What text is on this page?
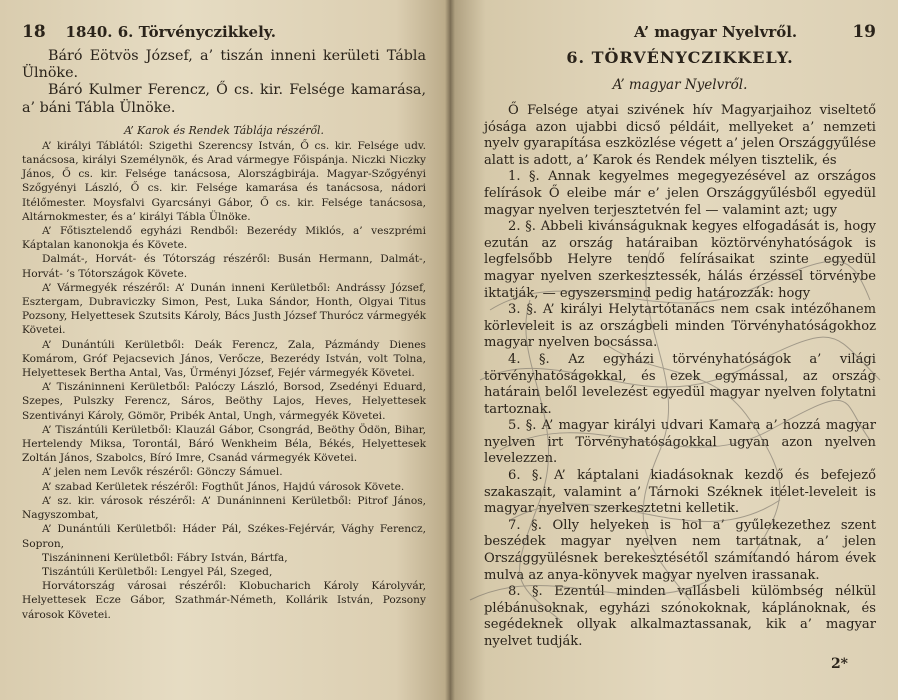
18 1840. 6. Törvényczikkely.

Báró Eötvös József, a’ tiszán inneni kerületi Tábla Ülnöke.

Báró Kulmer Ferencz, Ő cs. kir. Felsége kamarása, a’ báni Tábla Ülnöke.

A’ Karok és Rendek Táblája részéről.

A’ királyi Táblától: Szigethi Szerencsy István, Ő cs. kir. Felsége udv. tanácsosa, királyi Személynök, és Arad vármegye Főispánja. Niczki Niczky János, Ő cs. kir. Felsége tanácsosa, Alországbirája. Magyar-Szőgyényi Szőgyényi László, Ő cs. kir. Felsége kamarása és tanácsosa, nádori Itélőmester. Moysfalvi Gyarcsányi Gábor, Ő cs. kir. Felsége tanácsosa, Altárnokmester, és a’ királyi Tábla Ülnöke.

A’ Főtisztelendő egyházi Rendből: Bezerédy Miklós, a’ veszprémi Káptalan kanonokja és Követe.

Dalmát-, Horvát- és Tótország részéről: Busán Hermann, Dalmát-, Horvát- ’s Tótországok Követe.

A’ Vármegyék részéről: A’ Dunán inneni Kerületből: Andrássy József, Esztergam, Dubraviczky Simon, Pest, Luka Sándor, Honth, Olgyai Titus Pozsony, Helyettesek Szutsits Károly, Bács Justh József Thurócz vármegyék Követei.

A’ Dunántúli Kerületből: Deák Ferencz, Zala, Pázmándy Dienes Komárom, Gróf Pejacsevich János, Verőcze, Bezerédy István, volt Tolna, Helyettesek Bertha Antal, Vas, Ürményi József, Fejér vármegyék Követei.

A’ Tiszáninneni Kerületből: Palóczy László, Borsod, Zsedényi Eduard, Szepes, Pulszky Ferencz, Sáros, Beöthy Lajos, Heves, Helyettesek Szentiványi Károly, Gömör, Pribék Antal, Ungh, vármegyék Követei.

A’ Tiszántúli Kerületből: Klauzál Gábor, Csongrád, Beöthy Ödön, Bihar, Hertelendy Miksa, Torontál, Báró Wenkheim Béla, Békés, Helyettesek Zoltán János, Szabolcs, Bíró Imre, Csanád vármegyék Követei.

A’ jelen nem Levők részéről: Gönczy Sámuel.

A’ szabad Kerületek részéről: Fogthűt János, Hajdú városok Követe.

A’ sz. kir. városok részéről: A’ Dunáninneni Kerületből: Pitrof János, Nagyszombat,

A’ Dunántúli Kerületből: Háder Pál, Székes-Fejérvár, Vághy Ferencz, Sopron,

Tiszáninneni Kerületből: Fábry István, Bártfa,

Tiszántúli Kerületből: Lengyel Pál, Szeged,

Horvátország városai részéről: Klobucharich Károly Károlyvár, Helyettesek Ecze Gábor, Szathmár-Németh, Kollárik István, Pozsony városok Követei.

A’ magyar Nyelvről.	19

6. TÖRVÉNYCZIKKELY.

A’ magyar Nyelvről.

Ő Felsége atyai szivének hív Magyarjaihoz viseltető jósága azon ujabbi dicső példáit, mellyeket a’ nemzeti nyelv gyarapítása eszközlése végett a’ jelen Országgyűlése alatt is adott, a’ Karok és Rendek mélyen tisztelik, és

1. §. Annak kegyelmes megegyezésével az országos felírások Ő eleibe már e’ jelen Országgyűlésből egyedül magyar nyelven terjesztetvén fel — valamint azt; ugy

2. §. Abbeli kivánságuknak kegyes elfogadását is, hogy ezután az ország határaiban köztörvényhatóságok is legfelsőbb Helyre tendő felírásaikat szinte egyedül magyar nyelven szerkesztessék, hálás érzéssel törvénybe iktatják, — egyszersmind pedig határozzák: hogy

3. §. A’ királyi Helytartótanács nem csak intézőhanem körleveleit is az országbeli minden Törvényhatóságokhoz magyar nyelven bocsássa.

4. §. Az egyházi törvényhatóságok a’ világi törvényhatóságokkal, és ezek egymással, az ország határain belől levelezést egyedül magyar nyelven folytatni tartoznak.

5. §. A’ magyar királyi udvari Kamara a’ hozzá magyar nyelven irt Törvényhatóságokkal ugyan azon nyelven levelezzen.

6. §. A’ káptalani kiadásoknak kezdő és befejező szakaszait, valamint a’ Tárnoki Széknek itélet-leveleit is magyar nyelven szerkesztetni kelletik.

7. §. Olly helyeken is hol a’ gyűlekezethez szent beszédek magyar nyelven nem tartatnak, a’ jelen Országgyülésnek berekesztésétől számítandó három évek mulva az anya-könyvek magyar nyelven irassanak.

8. §. Ezentúl minden vallásbeli külömbség nélkül plébánusoknak, egyházi szónokoknak, káplánoknak, és segédeknek ollyak alkalmaztassanak, kik a’ magyar nyelvet tudják.

2*
